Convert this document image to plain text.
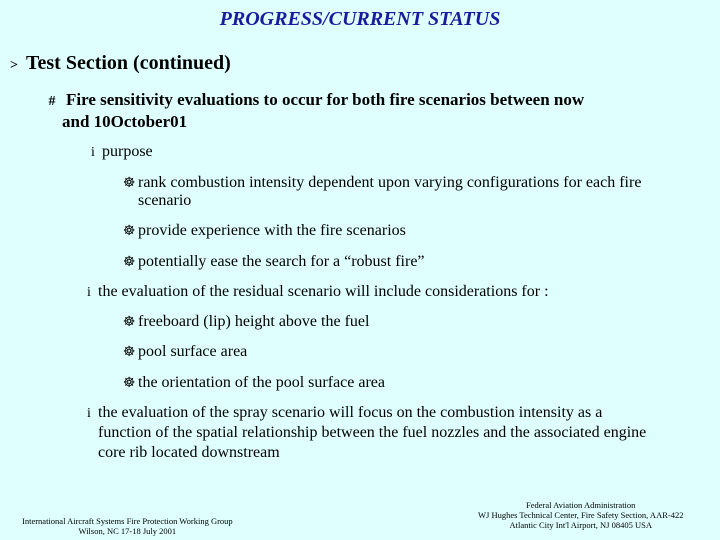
PROGRESS/CURRENT STATUS
> Test Section (continued)
# Fire sensitivity evaluations to occur for both fire scenarios between now
and 10October01
i purpose
☸ rank combustion intensity dependent upon varying configurations for each fire
scenario
☸ provide experience with the fire scenarios
☸ potentially ease the search for a “robust fire”
i the evaluation of the residual scenario will include considerations for :
☸ freeboard (lip) height above the fuel
☸ pool surface area
☸ the orientation of the pool surface area
i the evaluation of the spray scenario will focus on the combustion intensity as a
function of the spatial relationship between the fuel nozzles and the associated engine
core rib located downstream
International Aircraft Systems Fire Protection Working Group
Wilson, NC 17-18 July 2001
Federal Aviation Administration
WJ Hughes Technical Center, Fire Safety Section, AAR-422
Atlantic City Int'l Airport, NJ 08405 USA
